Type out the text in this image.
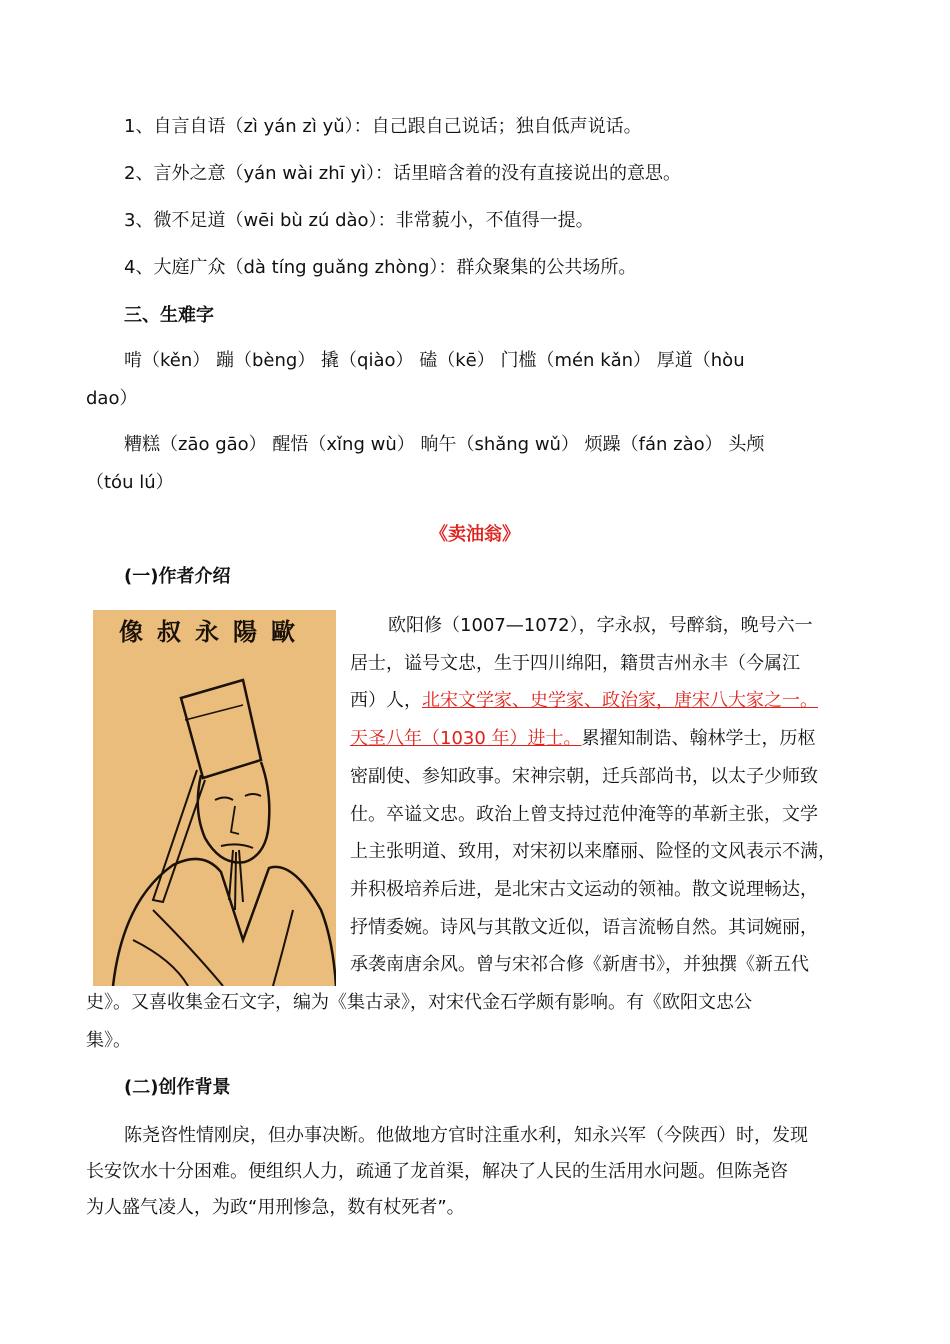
1、自言自语（zì yán zì yǔ）：自己跟自己说话；独自低声说话。
2、言外之意（yán wài zhī yì）：话里暗含着的没有直接说出的意思。
3、微不足道（wēi bù zú dào）：非常藐小，不值得一提。
4、大庭广众（dà tíng guǎng zhòng）：群众聚集的公共场所。
三、生难字
啃（kěn） 蹦（bèng） 撬（qiào） 磕（kē） 门槛（mén kǎn） 厚道（hòu
dao）
糟糕（zāo gāo） 醒悟（xǐng wù） 晌午（shǎng wǔ） 烦躁（fán zào） 头颅
（tóu lú）
《卖油翁》
(一)作者介绍
像叔永陽歐	欧阳修（1007—1072），字永叔，号醉翁，晚号六一
居士，谥号文忠，生于四川绵阳，籍贯吉州永丰（今属江
西）人，北宋文学家、史学家、政治家，唐宋八大家之一。
天圣八年（1030 年）进士。累擢知制诰、翰林学士，历枢
密副使、参知政事。宋神宗朝，迁兵部尚书，以太子少师致
仕。卒谥文忠。政治上曾支持过范仲淹等的革新主张，文学
上主张明道、致用，对宋初以来靡丽、险怪的文风表示不满，
并积极培养后进，是北宋古文运动的领袖。散文说理畅达，
抒情委婉。诗风与其散文近似，语言流畅自然。其词婉丽，
承袭南唐余风。曾与宋祁合修《新唐书》，并独撰《新五代
史》。又喜收集金石文字，编为《集古录》，对宋代金石学颇有影响。有《欧阳文忠公
集》。
(二)创作背景
陈尧咨性情刚戾，但办事决断。他做地方官时注重水利，知永兴军（今陕西）时，发现
长安饮水十分困难。便组织人力，疏通了龙首渠，解决了人民的生活用水问题。但陈尧咨
为人盛气凌人，为政“用刑惨急，数有杖死者”。
